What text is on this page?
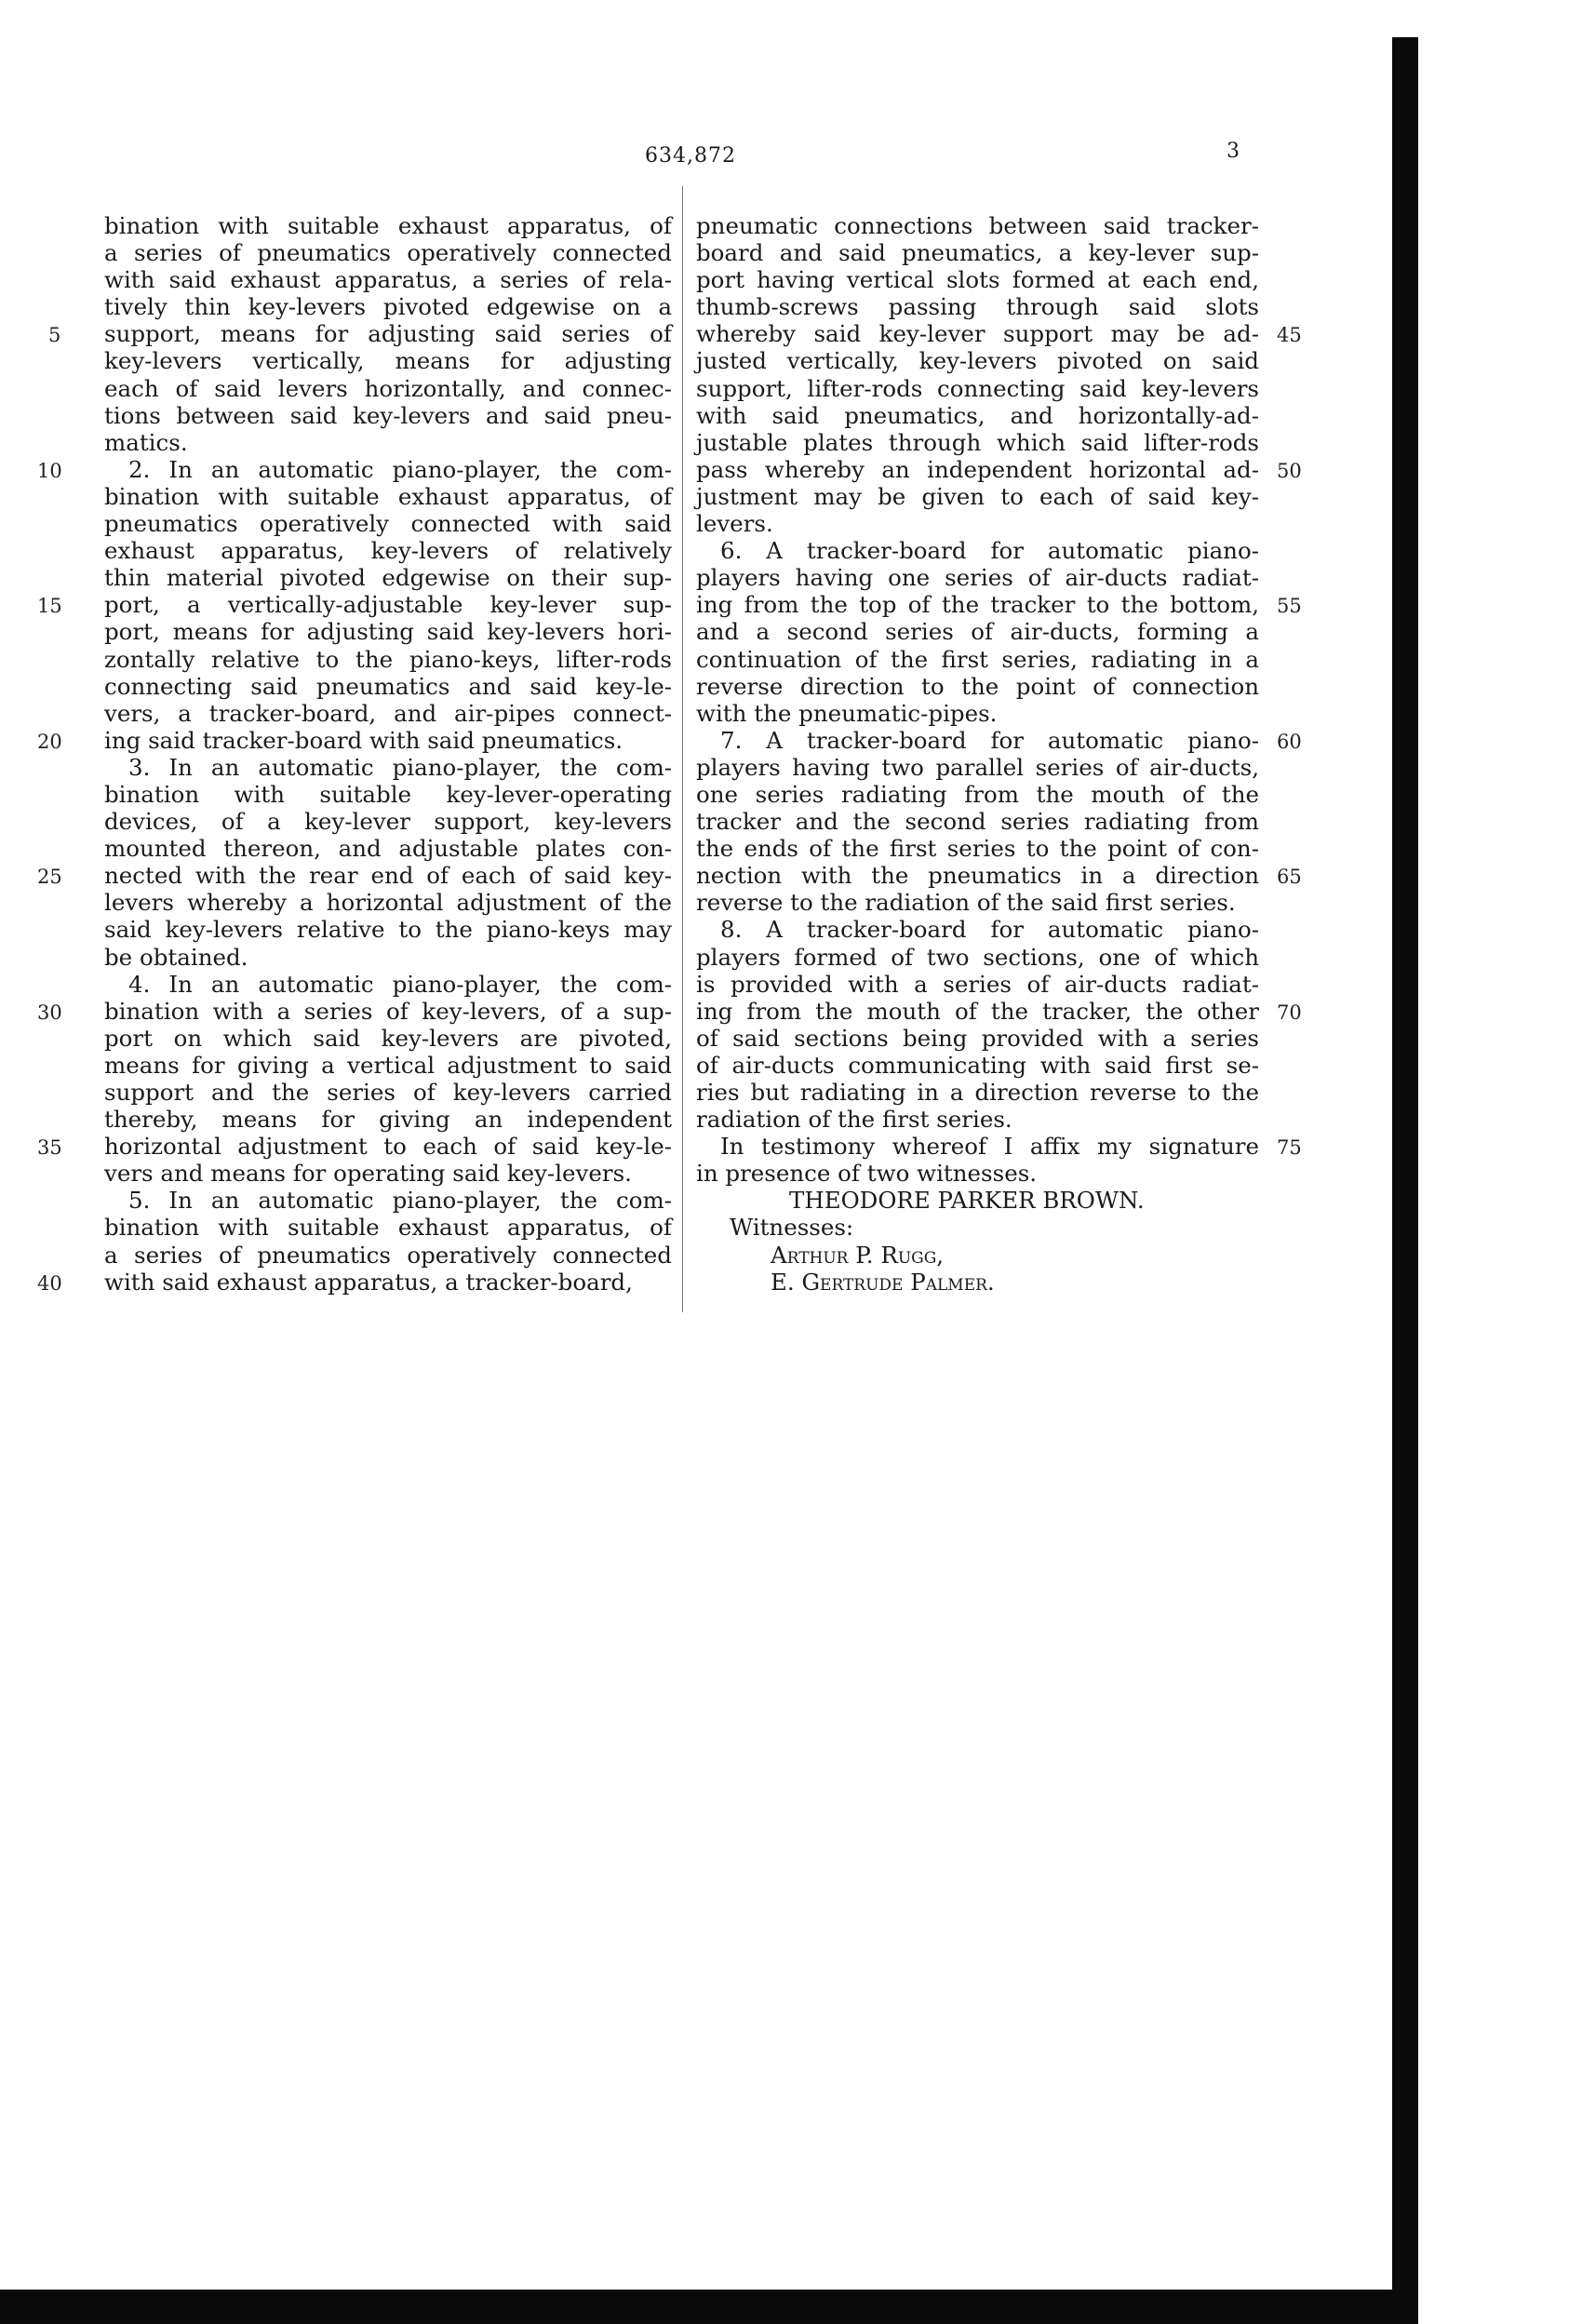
634,872	3
bination with suitable exhaust apparatus, of
a series of pneumatics operatively connected
with said exhaust apparatus, a series of rela-
tively thin key-levers pivoted edgewise on a
support, means for adjusting said series of
key-levers vertically, means for adjusting
each of said levers horizontally, and connec-
tions between said key-levers and said pneu-
matics.
2. In an automatic piano-player, the com-
bination with suitable exhaust apparatus, of
pneumatics operatively connected with said
exhaust apparatus, key-levers of relatively
thin material pivoted edgewise on their sup-
port, a vertically-adjustable key-lever sup-
port, means for adjusting said key-levers hori-
zontally relative to the piano-keys, lifter-rods
connecting said pneumatics and said key-le-
vers, a tracker-board, and air-pipes connect-
ing said tracker-board with said pneumatics.
3. In an automatic piano-player, the com-
bination with suitable key-lever-operating
devices, of a key-lever support, key-levers
mounted thereon, and adjustable plates con-
nected with the rear end of each of said key-
levers whereby a horizontal adjustment of the
said key-levers relative to the piano-keys may
be obtained.
4. In an automatic piano-player, the com-
bination with a series of key-levers, of a sup-
port on which said key-levers are pivoted,
means for giving a vertical adjustment to said
support and the series of key-levers carried
thereby, means for giving an independent
horizontal adjustment to each of said key-le-
vers and means for operating said key-levers.
5. In an automatic piano-player, the com-
bination with suitable exhaust apparatus, of
a series of pneumatics operatively connected
with said exhaust apparatus, a tracker-board,
pneumatic connections between said tracker-
board and said pneumatics, a key-lever sup-
port having vertical slots formed at each end,
thumb-screws passing through said slots
whereby said key-lever support may be ad-
justed vertically, key-levers pivoted on said
support, lifter-rods connecting said key-levers
with said pneumatics, and horizontally-ad-
justable plates through which said lifter-rods
pass whereby an independent horizontal ad-
justment may be given to each of said key-
levers.
6. A tracker-board for automatic piano-
players having one series of air-ducts radiat-
ing from the top of the tracker to the bottom,
and a second series of air-ducts, forming a
continuation of the first series, radiating in a
reverse direction to the point of connection
with the pneumatic-pipes.
7. A tracker-board for automatic piano-
players having two parallel series of air-ducts,
one series radiating from the mouth of the
tracker and the second series radiating from
the ends of the first series to the point of con-
nection with the pneumatics in a direction
reverse to the radiation of the said first series.
8. A tracker-board for automatic piano-
players formed of two sections, one of which
is provided with a series of air-ducts radiat-
ing from the mouth of the tracker, the other
of said sections being provided with a series
of air-ducts communicating with said first se-
ries but radiating in a direction reverse to the
radiation of the first series.
In testimony whereof I affix my signature
in presence of two witnesses.
THEODORE PARKER BROWN.
Witnesses:
Arthur P. Rugg,
E. Gertrude Palmer.
5
10
15
20
25
30
35
40
45
50
55
60
65
70
75
